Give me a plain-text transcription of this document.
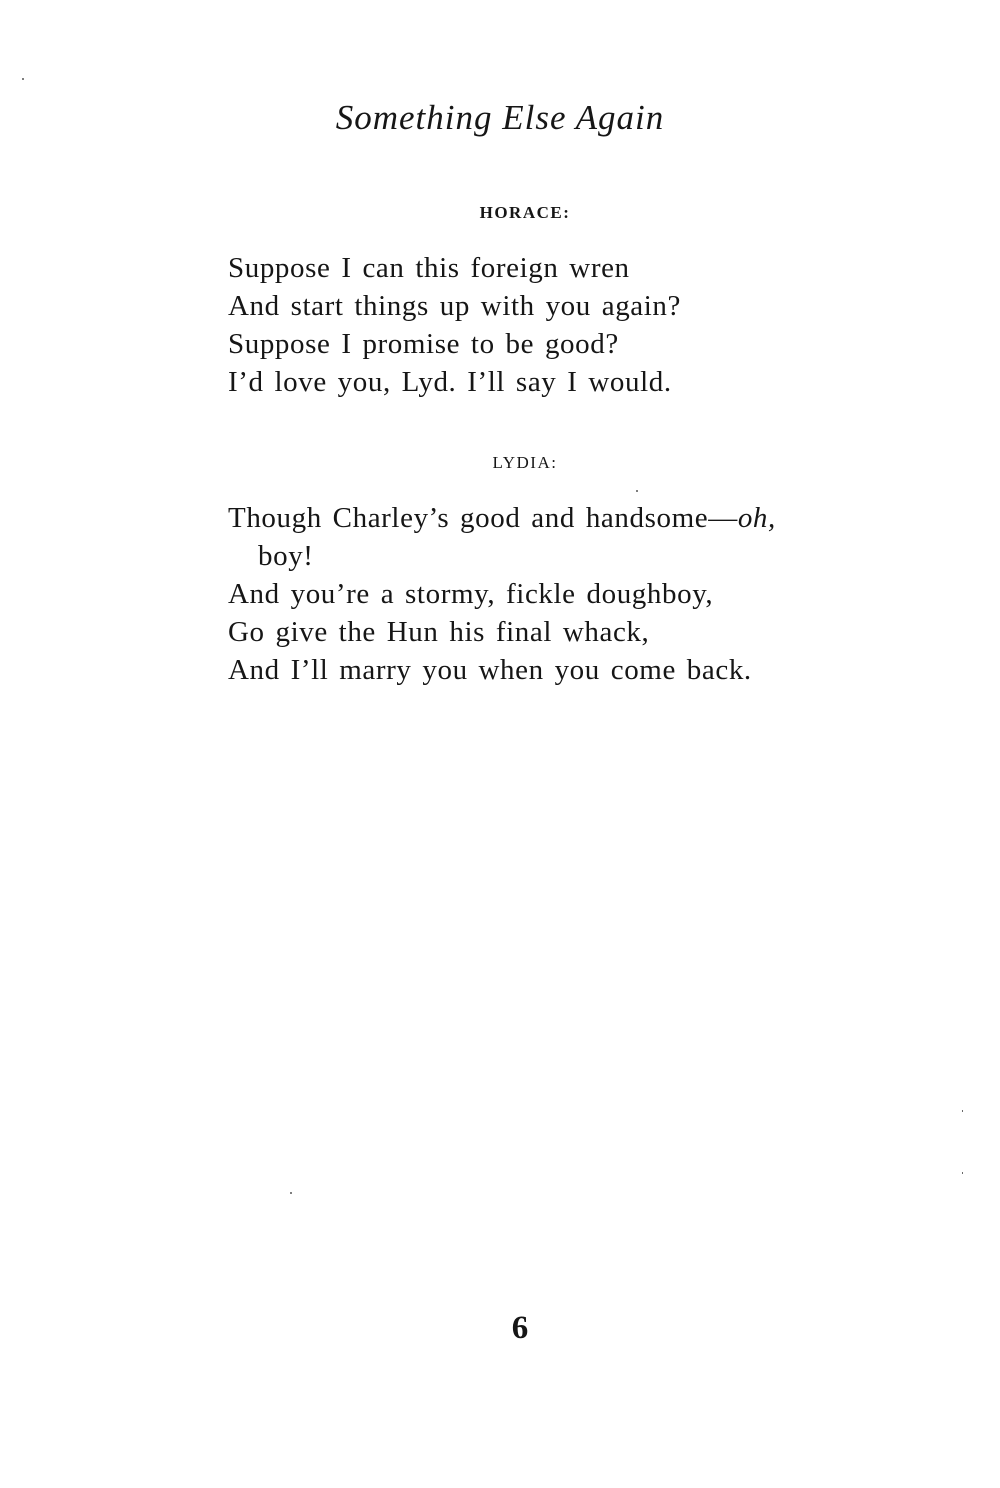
Something Else Again
HORACE:
Suppose I can this foreign wren
And start things up with you again?
Suppose I promise to be good?
I’d love you, Lyd. I’ll say I would.
LYDIA:
Though Charley’s good and handsome—oh,
boy!
And you’re a stormy, fickle doughboy,
Go give the Hun his final whack,
And I’ll marry you when you come back.
6
